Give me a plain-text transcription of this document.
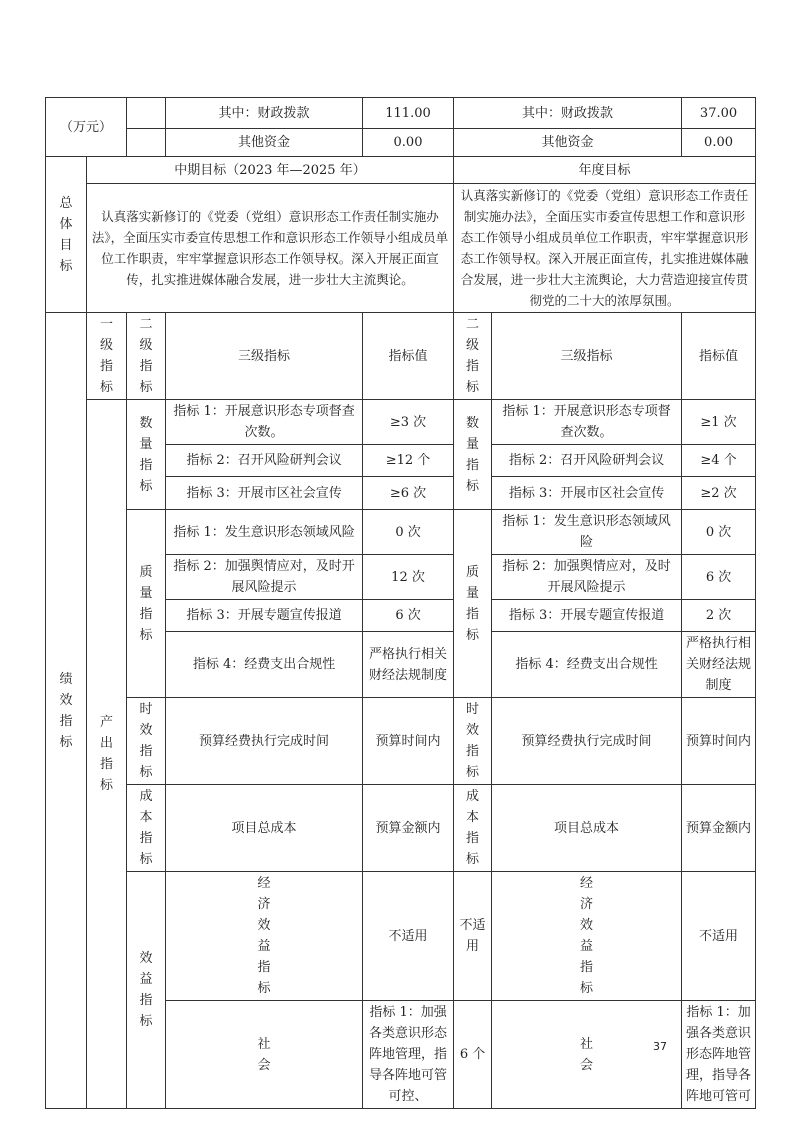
（万元）			其中：财政拨款	111.00	其中：财政拨款		37.00	
			其他资金	0.00	其他资金		0.00	

总体目标	中期目标（2023 年—2025 年）				年度目标			
	认真落实新修订的《党委（党组）意识形态工作责任制实施办法》，全面压实市委宣传思想工作和意识形态工作领导小组成员单位工作职责，牢牢掌握意识形态工作领导权。深入开展正面宣传，扎实推进媒体融合发展，进一步壮大主流舆论。				认真落实新修订的《党委（党组）意识形态工作责任制实施办法》，全面压实市委宣传思想工作和意识形态工作领导小组成员单位工作职责，牢牢掌握意识形态工作领导权。深入开展正面宣传，扎实推进媒体融合发展，进一步壮大主流舆论，大力营造迎接宣传贯彻党的二十大的浓厚氛围。			

绩效指标	一级指标	二级指标	三级指标	指标值	二级指标	三级指标	指标值	

	产出指标	数量指标	指标 1：开展意识形态专项督查次数。	≥3 次	数量指标	指标 1：开展意识形态专项督查次数。	≥1 次	
			指标 2：召开风险研判会议	≥12 个		指标 2：召开风险研判会议	≥4 个	
			指标 3：开展市区社会宣传	≥6 次		指标 3：开展市区社会宣传	≥2 次	

		质量指标	指标 1：发生意识形态领域风险	0 次	质量指标	指标 1：发生意识形态领域风险	0 次	
			指标 2：加强舆情应对，及时开展风险提示	12 次		指标 2：加强舆情应对，及时开展风险提示	6 次	
			指标 3：开展专题宣传报道	6 次		指标 3：开展专题宣传报道	2 次	
			指标 4：经费支出合规性	严格执行相关财经法规制度		指标 4：经费支出合规性	严格执行相关财经法规制度	

		时效指标	预算经费执行完成时间	预算时间内	时效指标	预算经费执行完成时间	预算时间内	

		成本指标	项目总成本	预算金额内	成本指标	项目总成本	预算金额内	

		效益指标	经济效益指标	不适用	不适用	经济效益指标	不适用	

			社会	指标 1：加强各类意识形态阵地管理，指导各阵地可管可控、	6 个	社会	指标 1：加强各类意识形态阵地管理，指导各阵地可管可	
37
